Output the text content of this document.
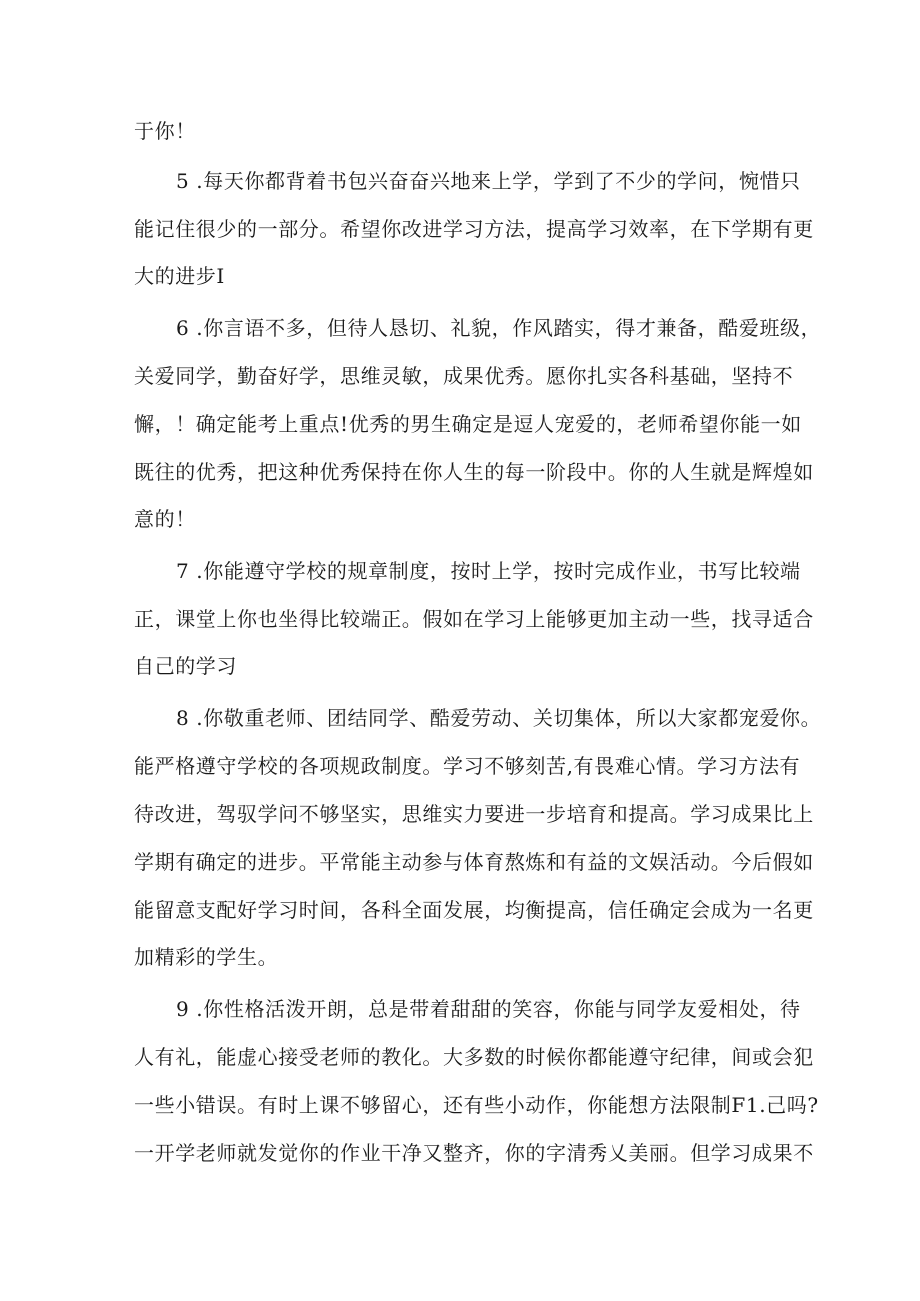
于你！
5 .每天你都背着书包兴奋奋兴地来上学，学到了不少的学问，惋惜只
能记住很少的一部分。希望你改进学习方法，提高学习效率，在下学期有更
大的进步I
6 .你言语不多，但待人恳切、礼貌，作风踏实，得才兼备，酷爱班级，
关爱同学，勤奋好学，思维灵敏，成果优秀。愿你扎实各科基础，坚持不
懈，！确定能考上重点!优秀的男生确定是逗人宠爱的，老师希望你能一如
既往的优秀，把这种优秀保持在你人生的每一阶段中。你的人生就是辉煌如
意的！
7 .你能遵守学校的规章制度，按时上学，按时完成作业，书写比较端
正，课堂上你也坐得比较端正。假如在学习上能够更加主动一些，找寻适合
自己的学习
8 .你敬重老师、团结同学、酷爱劳动、关切集体，所以大家都宠爱你。
能严格遵守学校的各项规政制度。学习不够刻苦,有畏难心情。学习方法有
待改进，驾驭学问不够坚实，思维实力要进一步培育和提高。学习成果比上
学期有确定的进步。平常能主动参与体育熬炼和有益的文娱活动。今后假如
能留意支配好学习时间，各科全面发展，均衡提高，信任确定会成为一名更
加精彩的学生。
9 .你性格活泼开朗，总是带着甜甜的笑容，你能与同学友爱相处，待
人有礼，能虚心接受老师的教化。大多数的时候你都能遵守纪律，间或会犯
一些小错误。有时上课不够留心，还有些小动作，你能想方法限制F1.己吗?
一开学老师就发觉你的作业干净又整齐，你的字清秀乂美丽。但学习成果不
